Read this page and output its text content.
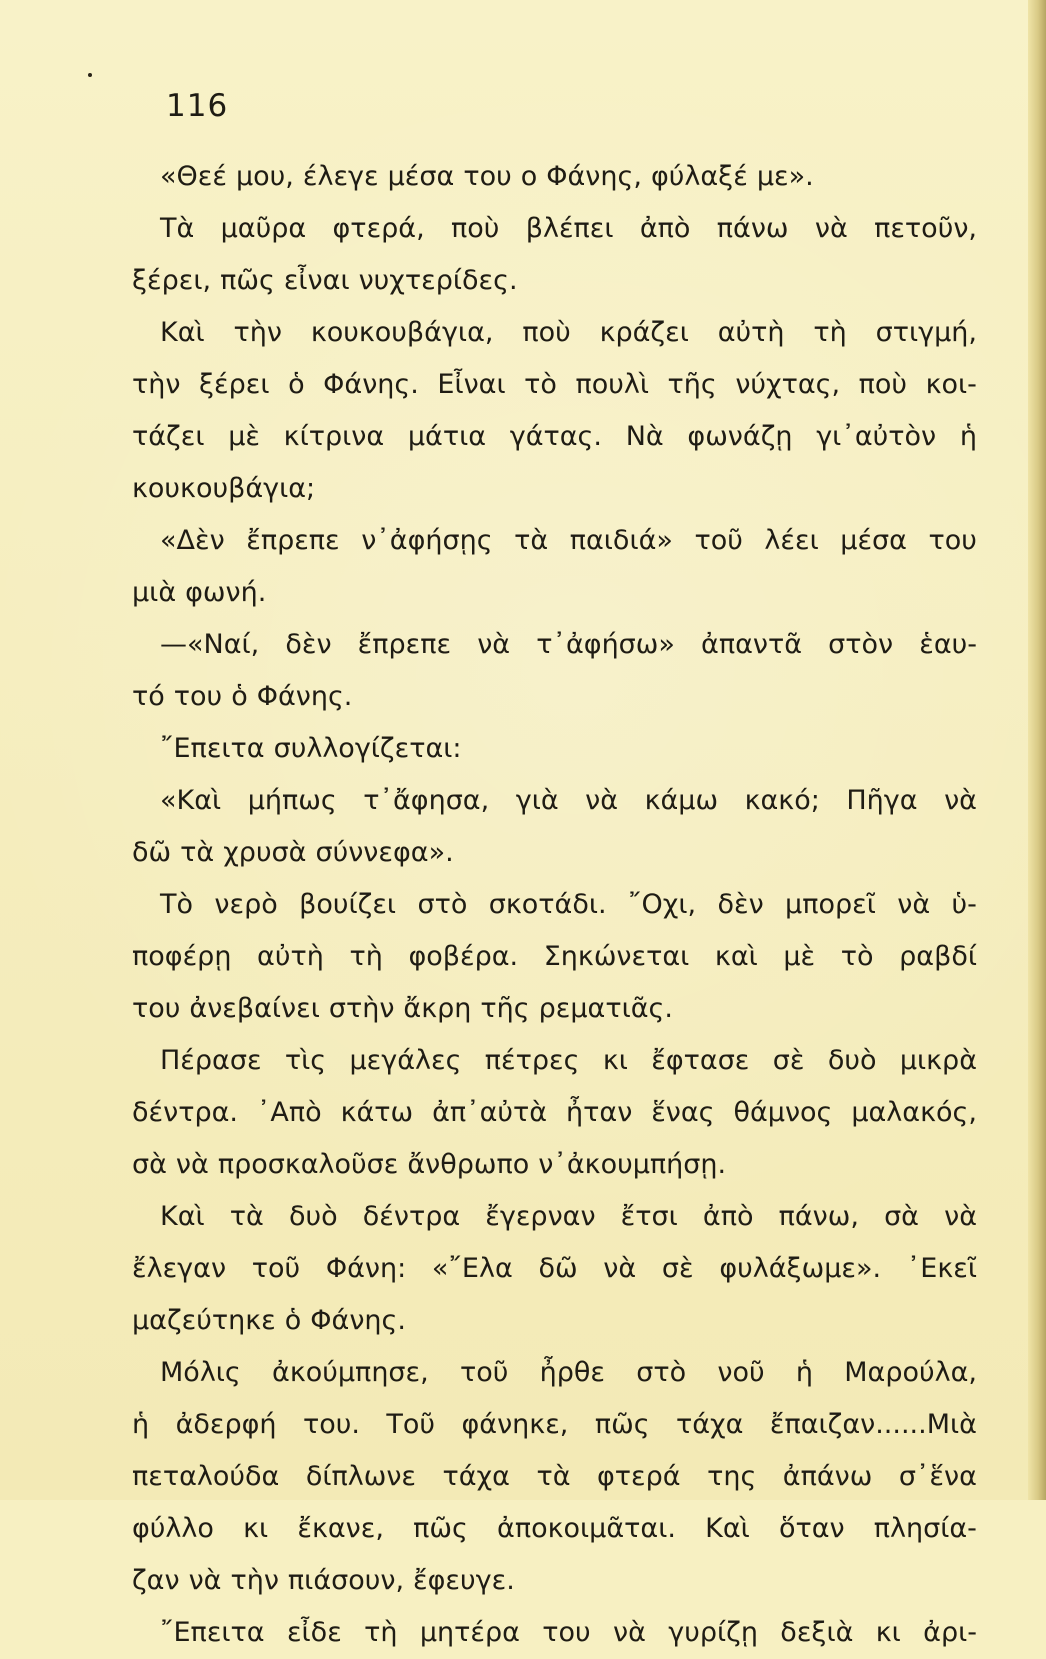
116
«Θεέ μου, έλεγε μέσα του ο Φάνης, φύλαξέ με».
Τὰ μαῦρα φτερά, ποὺ βλέπει ἀπὸ πάνω νὰ πετοῦν,
ξέρει, πῶς εἶναι νυχτερίδες.
Καὶ τὴν κουκουβάγια, ποὺ κράζει αὐτὴ τὴ στιγμή,
τὴν ξέρει ὁ Φάνης. Εἶναι τὸ πουλὶ τῆς νύχτας, ποὺ κοι-
τάζει μὲ κίτρινα μάτια γάτας. Νὰ φωνάζῃ γι᾽αὐτὸν ἡ
κουκουβάγια;
«Δὲν ἔπρεπε ν᾽ἀφήσῃς τὰ παιδιά» τοῦ λέει μέσα του
μιὰ φωνή.
—«Ναί, δὲν ἔπρεπε νὰ τ᾽ἀφήσω» ἀπαντᾶ στὸν ἑαυ-
τό του ὁ Φάνης.
῎Επειτα συλλογίζεται:
«Καὶ μήπως τ᾽ἄφησα, γιὰ νὰ κάμω κακό; Πῆγα νὰ
δῶ τὰ χρυσὰ σύννεφα».
Τὸ νερὸ βουίζει στὸ σκοτάδι. ῎Οχι, δὲν μπορεῖ νὰ ὑ-
ποφέρῃ αὐτὴ τὴ φοβέρα. Σηκώνεται καὶ μὲ τὸ ραβδί
του ἀνεβαίνει στὴν ἄκρη τῆς ρεματιᾶς.
Πέρασε τὶς μεγάλες πέτρες κι ἔφτασε σὲ δυὸ μικρὰ
δέντρα. ᾽Απὸ κάτω ἀπ᾽αὐτὰ ἦταν ἕνας θάμνος μαλακός,
σὰ νὰ προσκαλοῦσε ἄνθρωπο ν᾽ἀκουμπήσῃ.
Καὶ τὰ δυὸ δέντρα ἔγερναν ἔτσι ἀπὸ πάνω, σὰ νὰ
ἔλεγαν τοῦ Φάνη: «῎Ελα δῶ νὰ σὲ φυλάξωμε». ᾽Εκεῖ
μαζεύτηκε ὁ Φάνης.
Μόλις ἀκούμπησε, τοῦ ἦρθε στὸ νοῦ ἡ Μαρούλα,
ἡ ἀδερφή του. Τοῦ φάνηκε, πῶς τάχα ἔπαιζαν......Μιὰ
πεταλούδα δίπλωνε τάχα τὰ φτερά της ἀπάνω σ᾽ἕνα
φύλλο κι ἔκανε, πῶς ἀποκοιμᾶται. Καὶ ὅταν πλησία-
ζαν νὰ τὴν πιάσουν, ἔφευγε.
῎Επειτα εἶδε τὴ μητέρα του νὰ γυρίζῃ δεξιὰ κι ἀρι-
